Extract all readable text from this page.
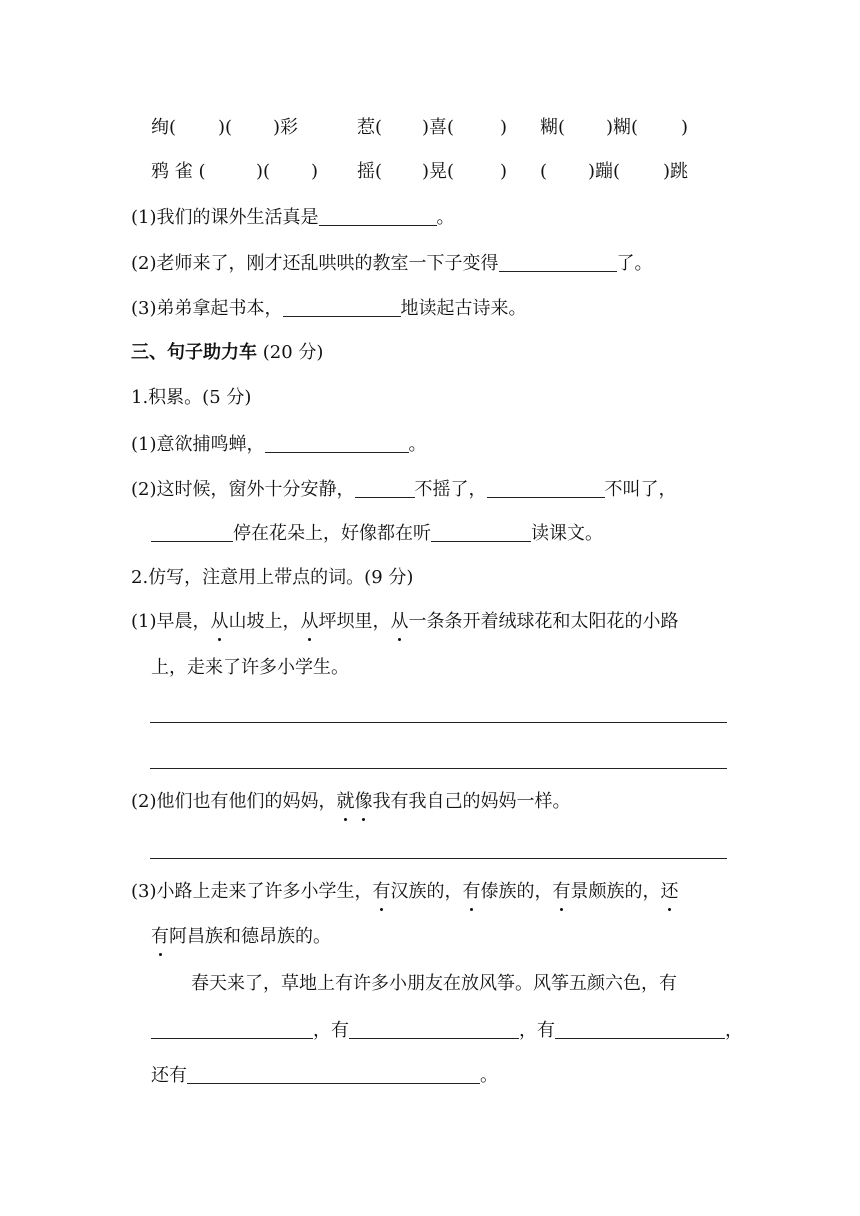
绚( )( )彩	惹( )喜(	) 糊( )糊( )
鸦 雀 (	)( ) 摇( )晃(	) ( )蹦( )跳
(1)我们的课外生活真是	。
(2)老师来了，刚才还乱哄哄的教室一下子变得	了。
(3)弟弟拿起书本，	地读起古诗来。
三、句子助力车 (20 分)
1.积累。(5 分)
(1)意欲捕鸣蝉，	。
(2)这时候，窗外十分安静，	不摇了，	不叫了，
停在花朵上，好像都在听	读课文。
2.仿写，注意用上带点的词。(9 分)
(1)早晨，从山坡上，从坪坝里，从一条条开着绒球花和太阳花的小路
上，走来了许多小学生。
(2)他们也有他们的妈妈，就像我有我自己的妈妈一样。
(3)小路上走来了许多小学生，有汉族的，有傣族的，有景颇族的，还
有阿昌族和德昂族的。
春天来了，草地上有许多小朋友在放风筝。风筝五颜六色，有
，有	，有	，
还有	。
